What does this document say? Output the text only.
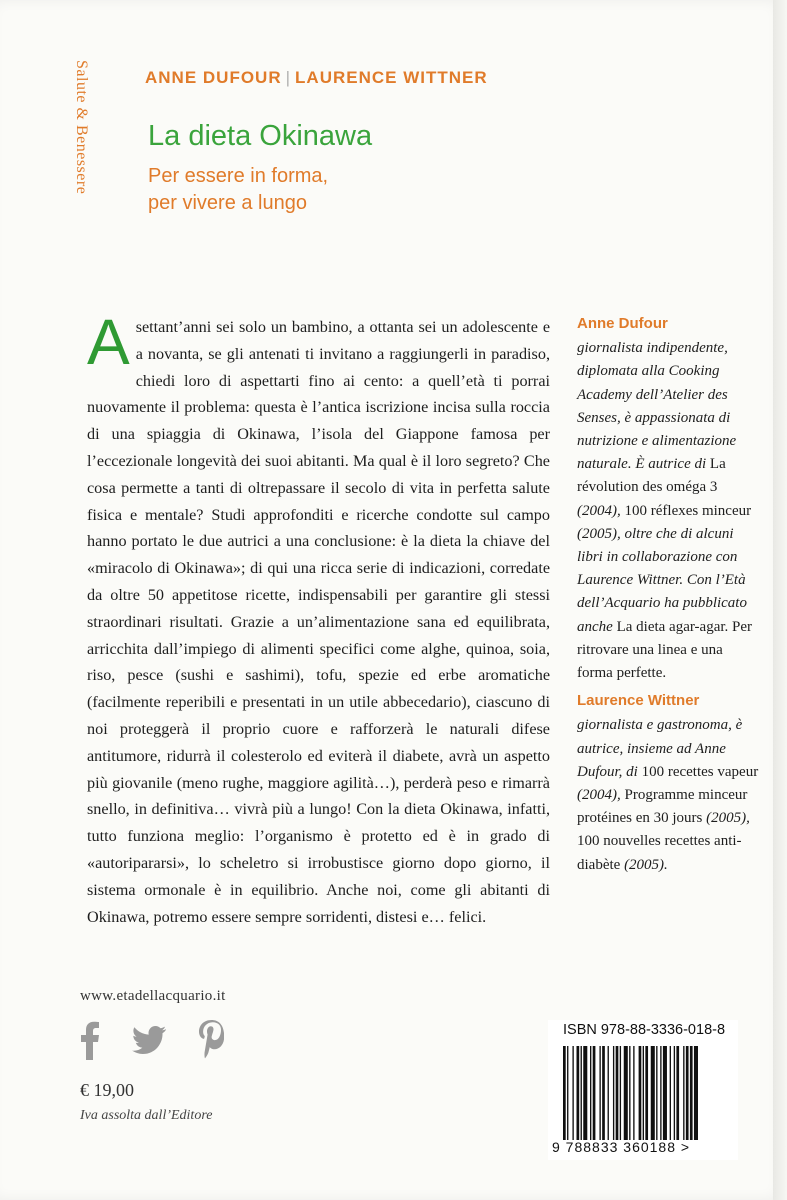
Salute & Benessere	ANNE DUFOUR | LAURENCE WITTNER
La dieta Okinawa
Per essere in forma,
per vivere a lungo

Asettant’anni sei solo un bambino, a ottanta sei un adolescente e a novanta, se gli antenati ti invitano a raggiungerli in paradiso, chiedi loro di aspettarti fino ai cento: a quell’età ti porrai nuovamente il problema: questa è l’antica iscrizione incisa sulla roccia di una spiaggia di Okinawa, l’isola del Giappone famosa per l’eccezionale longevità dei suoi abitanti. Ma qual è il loro segreto? Che cosa permette a tanti di oltrepassare il secolo di vita in perfetta salute fisica e mentale? Studi approfonditi e ricerche condotte sul campo hanno portato le due autrici a una conclusione: è la dieta la chiave del «miracolo di Okinawa»; di qui una ricca serie di indicazioni, corredate da oltre 50 appetitose ricette, indispensabili per garantire gli stessi straordinari risultati. Grazie a un’alimentazione sana ed equilibrata, arricchita dall’impiego di alimenti specifici come alghe, quinoa, soia, riso, pesce (sushi e sashimi), tofu, spezie ed erbe aromatiche (facilmente reperibili e presentati in un utile abbecedario), ciascuno di noi proteggerà il proprio cuore e rafforzerà le naturali difese antitumore, ridurrà il colesterolo ed eviterà il diabete, avrà un aspetto più giovanile (meno rughe, maggiore agilità…), perderà peso e rimarrà snello, in definitiva… vivrà più a lungo! Con la dieta Okinawa, infatti, tutto funziona meglio: l’organismo è protetto ed è in grado di «autoripararsi», lo scheletro si irrobustisce giorno dopo giorno, il sistema ormonale è in equilibrio. Anche noi, come gli abitanti di Okinawa, potremo essere sempre sorridenti, distesi e… felici.

Anne Dufour

giornalista indipendente, diplomata alla Cooking Academy dell’Atelier des Senses, è appassionata di nutrizione e alimentazione naturale. È autrice di La révolution des oméga 3 (2004), 100 réflexes minceur (2005), oltre che di alcuni libri in collaborazione con Laurence Wittner. Con l’Età dell’Acquario ha pubblicato anche La dieta agar-agar. Per ritrovare una linea e una forma perfette.

Laurence Wittner

giornalista e gastronoma, è autrice, insieme ad Anne Dufour, di 100 recettes vapeur (2004), Programme minceur protéines en 30 jours (2005), 100 nouvelles recettes anti-diabète (2005).

www.etadellacquario.it
€ 19,00
Iva assolta dall’Editore
ISBN 978-88-3336-018-8
9 788833 360188 >
